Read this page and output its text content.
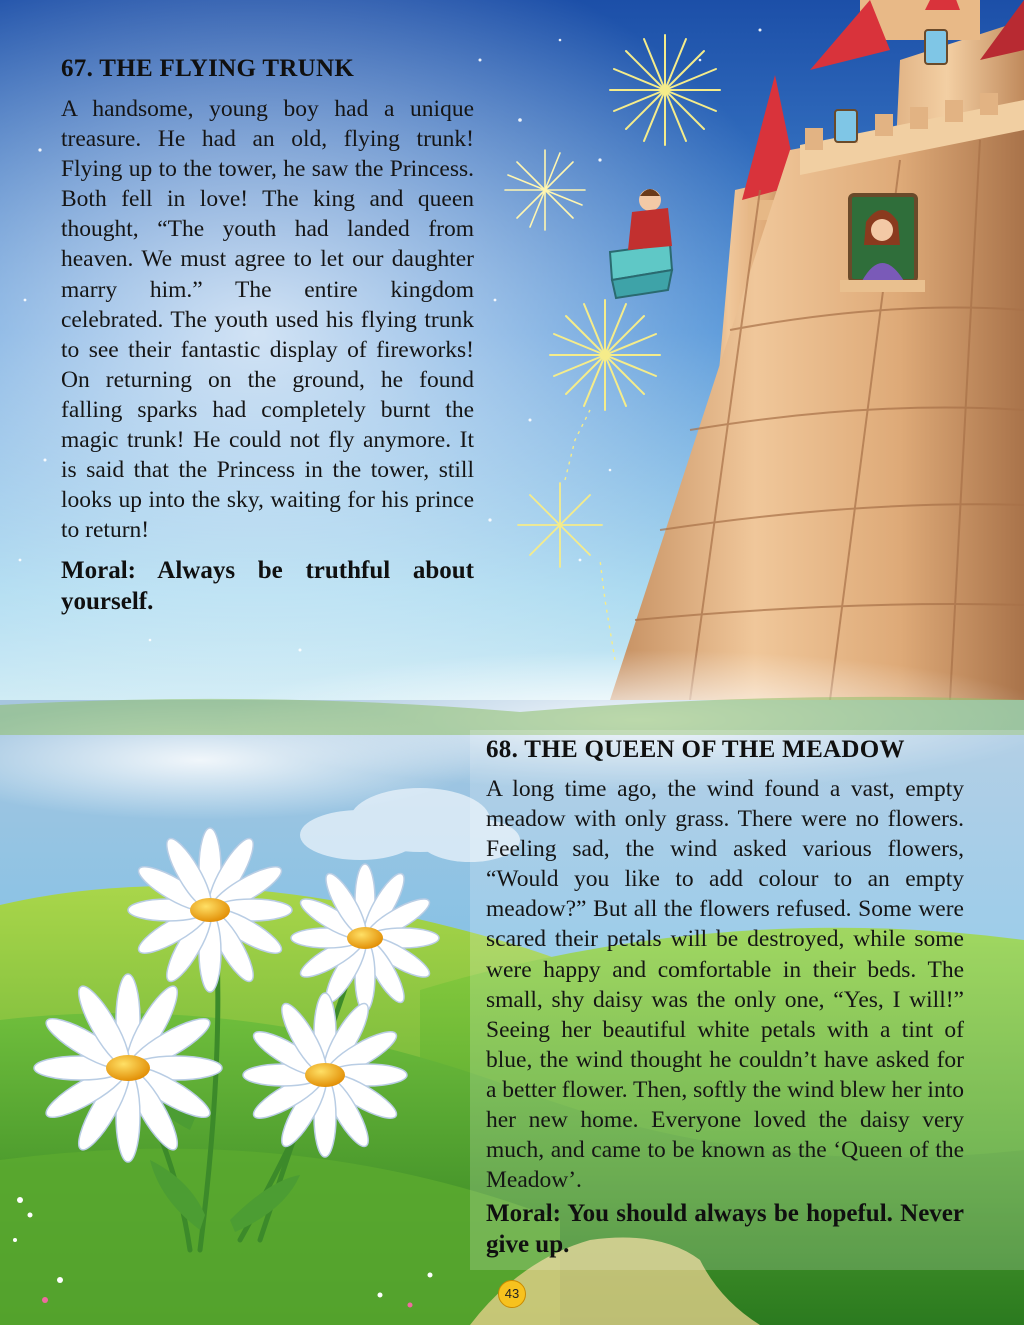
67. THE FLYING TRUNK

A handsome, young boy had a unique treasure. He had an old, flying trunk! Flying up to the tower, he saw the Princess. Both fell in love! The king and queen thought, “The youth had landed from heaven. We must agree to let our daughter marry him.” The entire kingdom celebrated. The youth used his flying trunk to see their fantastic display of fireworks! On returning on the ground, he found falling sparks had completely burnt the magic trunk! He could not fly anymore. It is said that the Princess in the tower, still looks up into the sky, waiting for his prince to return!

Moral: Always be truthful about yourself.

68. THE QUEEN OF THE MEADOW

A long time ago, the wind found a vast, empty meadow with only grass. There were no flowers. Feeling sad, the wind asked various flowers, “Would you like to add colour to an empty meadow?” But all the flowers refused. Some were scared their petals will be destroyed, while some were happy and comfortable in their beds. The small, shy daisy was the only one, “Yes, I will!” Seeing her beautiful white petals with a tint of blue, the wind thought he couldn’t have asked for a better flower. Then, softly the wind blew her into her new home. Everyone loved the daisy very much, and came to be known as the ‘Queen of the Meadow’.

Moral: You should always be hopeful. Never give up.

43
